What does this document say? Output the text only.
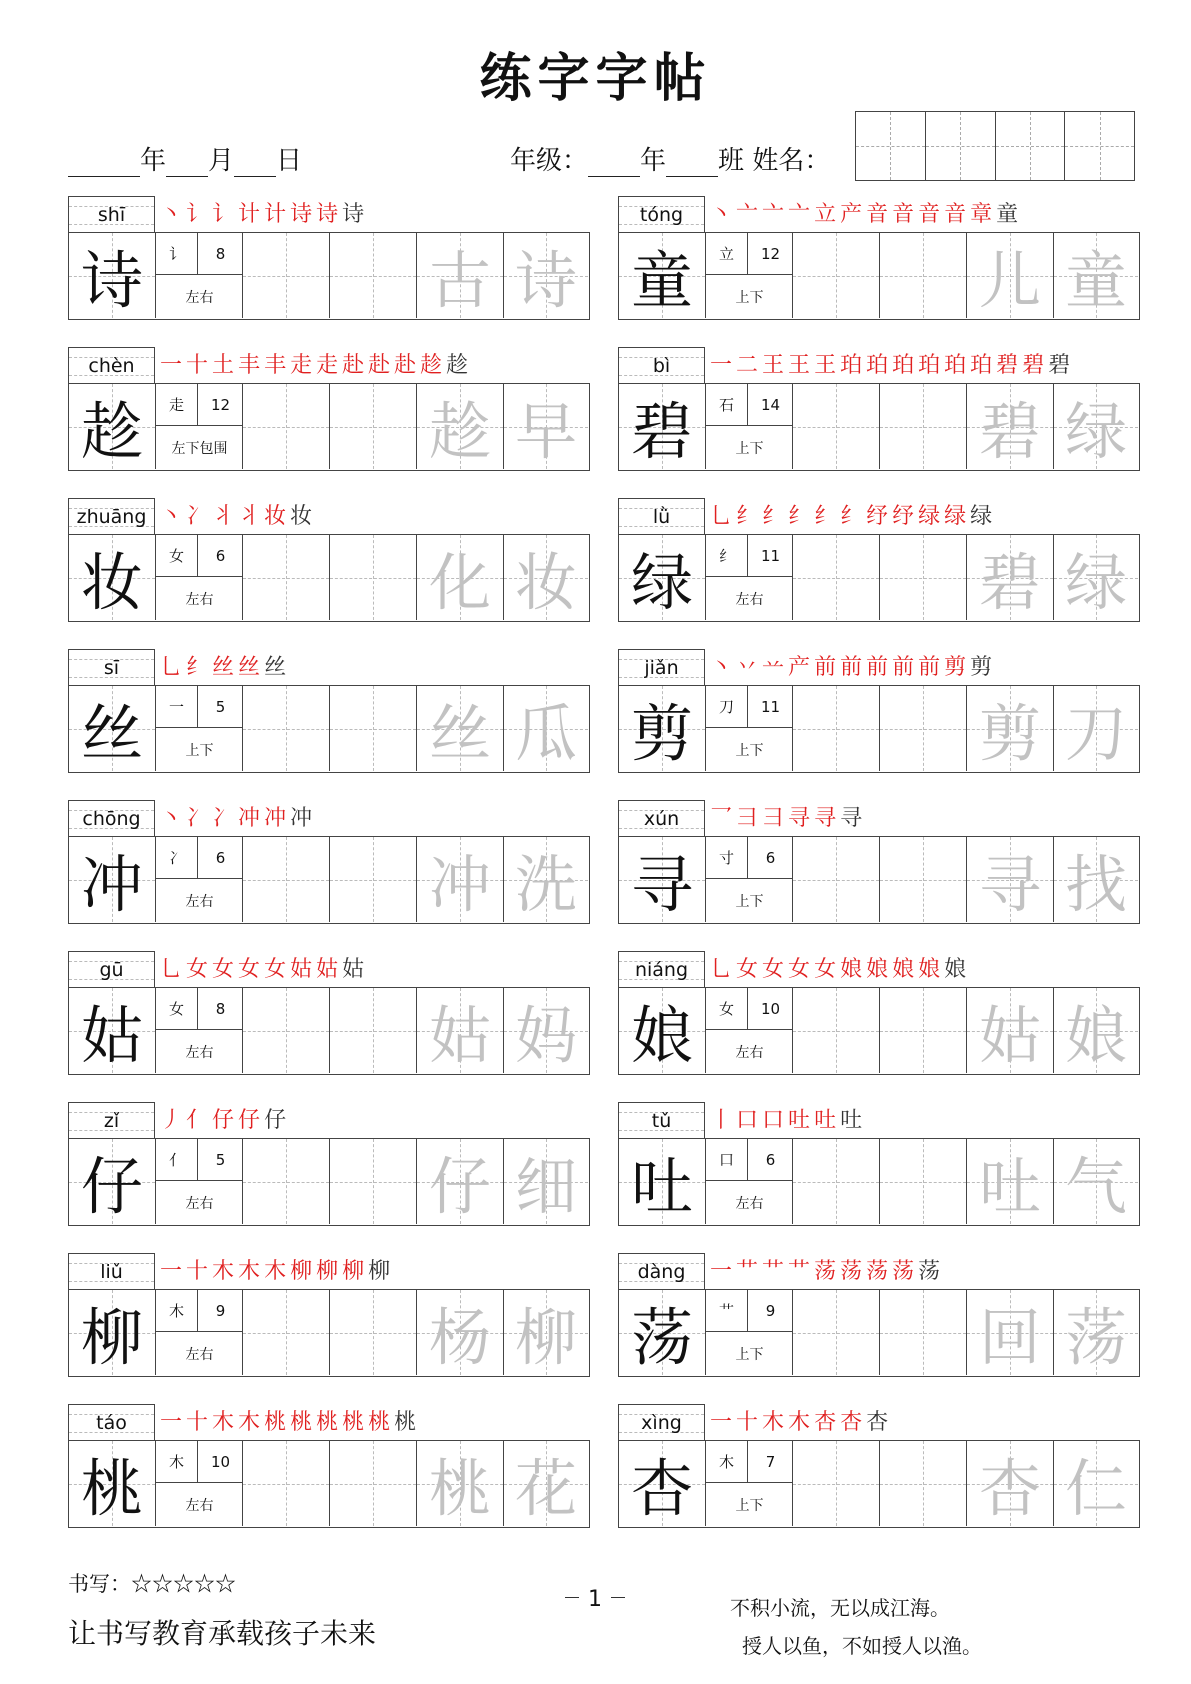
练字字帖
年 月 日	年级： 年 班 姓名：
shī	丶 讠 讠 计 计 诗 诗 诗
诗	讠	8
左右	古 诗
tóng	丶 亠 亠 亠 立 产 音 音 音 音 章 童
童	立	12
上下	儿 童
chèn	一 十 土 丰 丰 走 走 赴 赴 赴 趁 趁
趁	走	12
左下包围	趁 早
bì	一 二 王 王 王 珀 珀 珀 珀 珀 珀 碧 碧 碧
碧	石	14
上下	碧 绿
zhuāng 丶 冫 丬 丬 妆 妆
妆	女	6
左右	化 妆
lǜ	乚 纟 纟 纟 纟 纟 纾 纾 绿 绿 绿
绿	纟	11
左右	碧 绿
sī	乚 纟 丝 丝 丝
丝	一	5
上下	丝 瓜
jiǎn	丶 丷 䒑 产 前 前 前 前 前 剪 剪
剪	刀	11
上下	剪 刀
chōng 丶 冫 冫 冲 冲 冲
冲	冫	6
左右	冲 洗
xún	乛 彐 彐 寻 寻 寻
寻	寸	6
上下	寻 找
gū	乚 女 女 女 女 姑 姑 姑
姑	女	8
左右	姑 妈
niáng 乚 女 女 女 女 娘 娘 娘 娘 娘
娘	女	10
左右	姑 娘
zǐ	丿 亻 仔 仔 仔
仔	亻	5
左右	仔 细
tǔ	丨 口 口 吐 吐 吐
吐	口	6
左右	吐 气
liǔ	一 十 木 木 木 柳 柳 柳 柳
柳	木	9
左右	杨 柳
dàng	一 艹 艹 艹 荡 荡 荡 荡 荡
荡	艹	9
上下	回 荡
táo	一 十 木 木 桃 桃 桃 桃 桃 桃
桃	木	10
左右	桃 花
xìng	一 十 木 木 杏 杏 杏
杏	木	7
上下	杏 仁
书写：☆☆☆☆☆
让书写教育承载孩子未来
1	不积小流，无以成江海。
授人以鱼，不如授人以渔。
